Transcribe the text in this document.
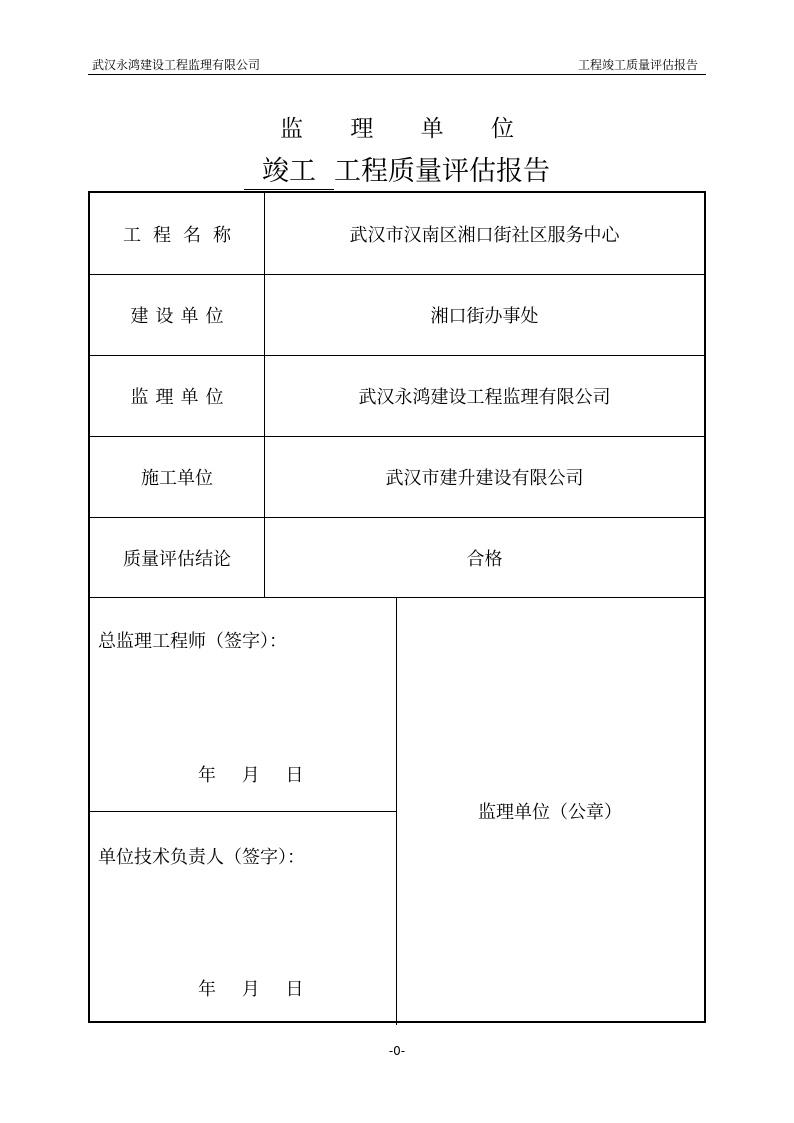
武汉永鸿建设工程监理有限公司	工程竣工质量评估报告
监 理 单 位
竣工 工程质量评估报告
工程名称	武汉市汉南区湘口街社区服务中心
建设单位	湘口街办事处
监理单位	武汉永鸿建设工程监理有限公司
施工单位	武汉市建升建设有限公司
质量评估结论	合格
总监理工程师（签字）：
年 月 日
单位技术负责人（签字）：
年 月 日
监理单位（公章）
-0-
